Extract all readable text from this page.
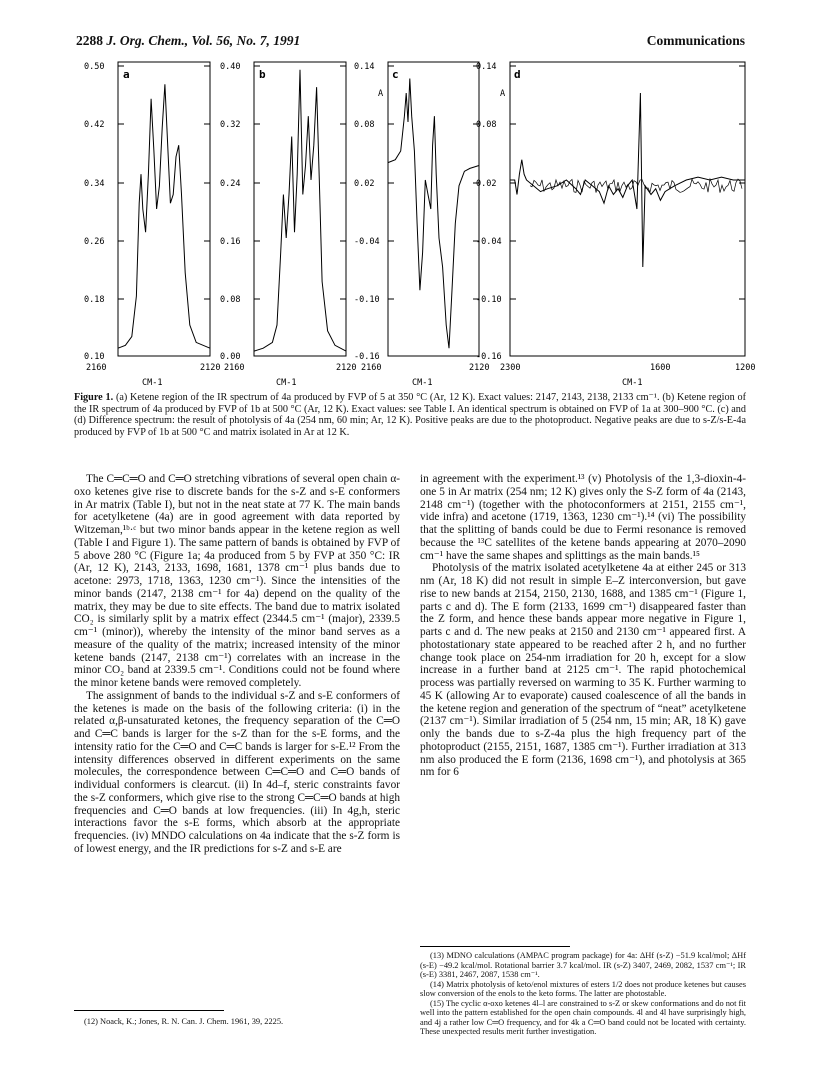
2288 J. Org. Chem., Vol. 56, No. 7, 1991	Communications
0.50
0.42
0.34
0.26
0.18
0.10
2160	2120
CM-1
a
0.40
0.32
0.24
0.16
0.08
0.00
2160	2120
CM-1
b
0.14
0.08
0.02
-0.04
-0.10
-0.16
2160	2120
CM-1
A
c
0.14
0.08
0.02
-0.04
-0.10
-0.16
2300	1600	1200
CM-1
A
d
Figure 1. (a) Ketene region of the IR spectrum of 4a produced by FVP of 5 at 350 °C (Ar, 12 K). Exact values: 2147, 2143, 2138, 2133 cm⁻¹. (b) Ketene region of the IR spectrum of 4a produced by FVP of 1b at 500 °C (Ar, 12 K). Exact values: see Table I. An identical spectrum is obtained on FVP of 1a at 300–900 °C. (c) and (d) Difference spectrum: the result of photolysis of 4a (254 nm, 60 min; Ar, 12 K). Positive peaks are due to the photoproduct. Negative peaks are due to s-Z/s-E-4a produced by FVP of 1b at 500 °C and matrix isolated in Ar at 12 K.

The C═C═O and C═O stretching vibrations of several open chain α-oxo ketenes give rise to discrete bands for the s-Z and s-E conformers in Ar matrix (Table I), but not in the neat state at 77 K. The main bands for acetylketene (4a) are in good agreement with data reported by Witzeman,¹ᵇ·ᶜ but two minor bands appear in the ketene region as well (Table I and Figure 1). The same pattern of bands is obtained by FVP of 5 above 280 °C (Figure 1a; 4a produced from 5 by FVP at 350 °C: IR (Ar, 12 K), 2143, 2133, 1698, 1681, 1378 cm⁻¹ plus bands due to acetone: 2973, 1718, 1363, 1230 cm⁻¹). Since the intensities of the minor bands (2147, 2138 cm⁻¹ for 4a) depend on the quality of the matrix, they may be due to site effects. The band due to matrix isolated CO₂ is similarly split by a matrix effect (2344.5 cm⁻¹ (major), 2339.5 cm⁻¹ (minor)), whereby the intensity of the minor band serves as a measure of the quality of the matrix; increased intensity of the minor ketene bands (2147, 2138 cm⁻¹) correlates with an increase in the minor CO₂ band at 2339.5 cm⁻¹. Conditions could not be found where the minor ketene bands were removed completely.

The assignment of bands to the individual s-Z and s-E conformers of the ketenes is made on the basis of the following criteria: (i) in the related α,β-unsaturated ketones, the frequency separation of the C═O and C═C bands is larger for the s-Z than for the s-E forms, and the intensity ratio for the C═O and C═C bands is larger for s-E.¹² From the intensity differences observed in different experiments on the same molecules, the correspondence between C═C═O and C═O bands of individual conformers is clearcut. (ii) In 4d–f, steric constraints favor the s-Z conformers, which give rise to the strong C═C═O bands at high frequencies and C═O bands at low frequencies. (iii) In 4g,h, steric interactions favor the s-E forms, which absorb at the appropriate frequencies. (iv) MNDO calculations on 4a indicate that the s-Z form is of lowest energy, and the IR predictions for s-Z and s-E are

in agreement with the experiment.¹³ (v) Photolysis of the 1,3-dioxin-4-one 5 in Ar matrix (254 nm; 12 K) gives only the S-Z form of 4a (2143, 2148 cm⁻¹) (together with the photoconformers at 2151, 2155 cm⁻¹, vide infra) and acetone (1719, 1363, 1230 cm⁻¹).¹⁴ (vi) The possibility that the splitting of bands could be due to Fermi resonance is removed because the ¹³C satellites of the ketene bands appearing at 2070–2090 cm⁻¹ have the same shapes and splittings as the main bands.¹⁵

Photolysis of the matrix isolated acetylketene 4a at either 245 or 313 nm (Ar, 18 K) did not result in simple E–Z interconversion, but gave rise to new bands at 2154, 2150, 2130, 1688, and 1385 cm⁻¹ (Figure 1, parts c and d). The E form (2133, 1699 cm⁻¹) disappeared faster than the Z form, and hence these bands appear more negative in Figure 1, parts c and d. The new peaks at 2150 and 2130 cm⁻¹ appeared first. A photostationary state appeared to be reached after 2 h, and no further change took place on 254-nm irradiation for 20 h, except for a slow increase in a further band at 2125 cm⁻¹. The rapid photochemical process was partially reversed on warming to 35 K. Further warming to 45 K (allowing Ar to evaporate) caused coalescence of all the bands in the ketene region and generation of the spectrum of “neat” acetylketene (2137 cm⁻¹). Similar irradiation of 5 (254 nm, 15 min; AR, 18 K) gave only the bands due to s-Z-4a plus the high frequency part of the photoproduct (2155, 2151, 1687, 1385 cm⁻¹). Further irradiation at 313 nm also produced the E form (2136, 1698 cm⁻¹), and photolysis at 365 nm for 6

(12) Noack, K.; Jones, R. N. Can. J. Chem. 1961, 39, 2225.

(13) MDNO calculations (AMPAC program package) for 4a: ΔHf (s-Z) −51.9 kcal/mol; ΔHf (s-E) −49.2 kcal/mol. Rotational barrier 3.7 kcal/mol. IR (s-Z) 3407, 2469, 2082, 1537 cm⁻¹; IR (s-E) 3381, 2467, 2087, 1538 cm⁻¹.

(14) Matrix photolysis of keto/enol mixtures of esters 1/2 does not produce ketenes but causes slow conversion of the enols to the keto forms. The latter are photostable.

(15) The cyclic α-oxo ketenes 4l–l are constrained to s-Z or skew conformations and do not fit well into the pattern established for the open chain compounds. 4l and 4l have surprisingly high, and 4j a rather low C═O frequency, and for 4k a C═O band could not be located with certainty. These unexpected results merit further investigation.
